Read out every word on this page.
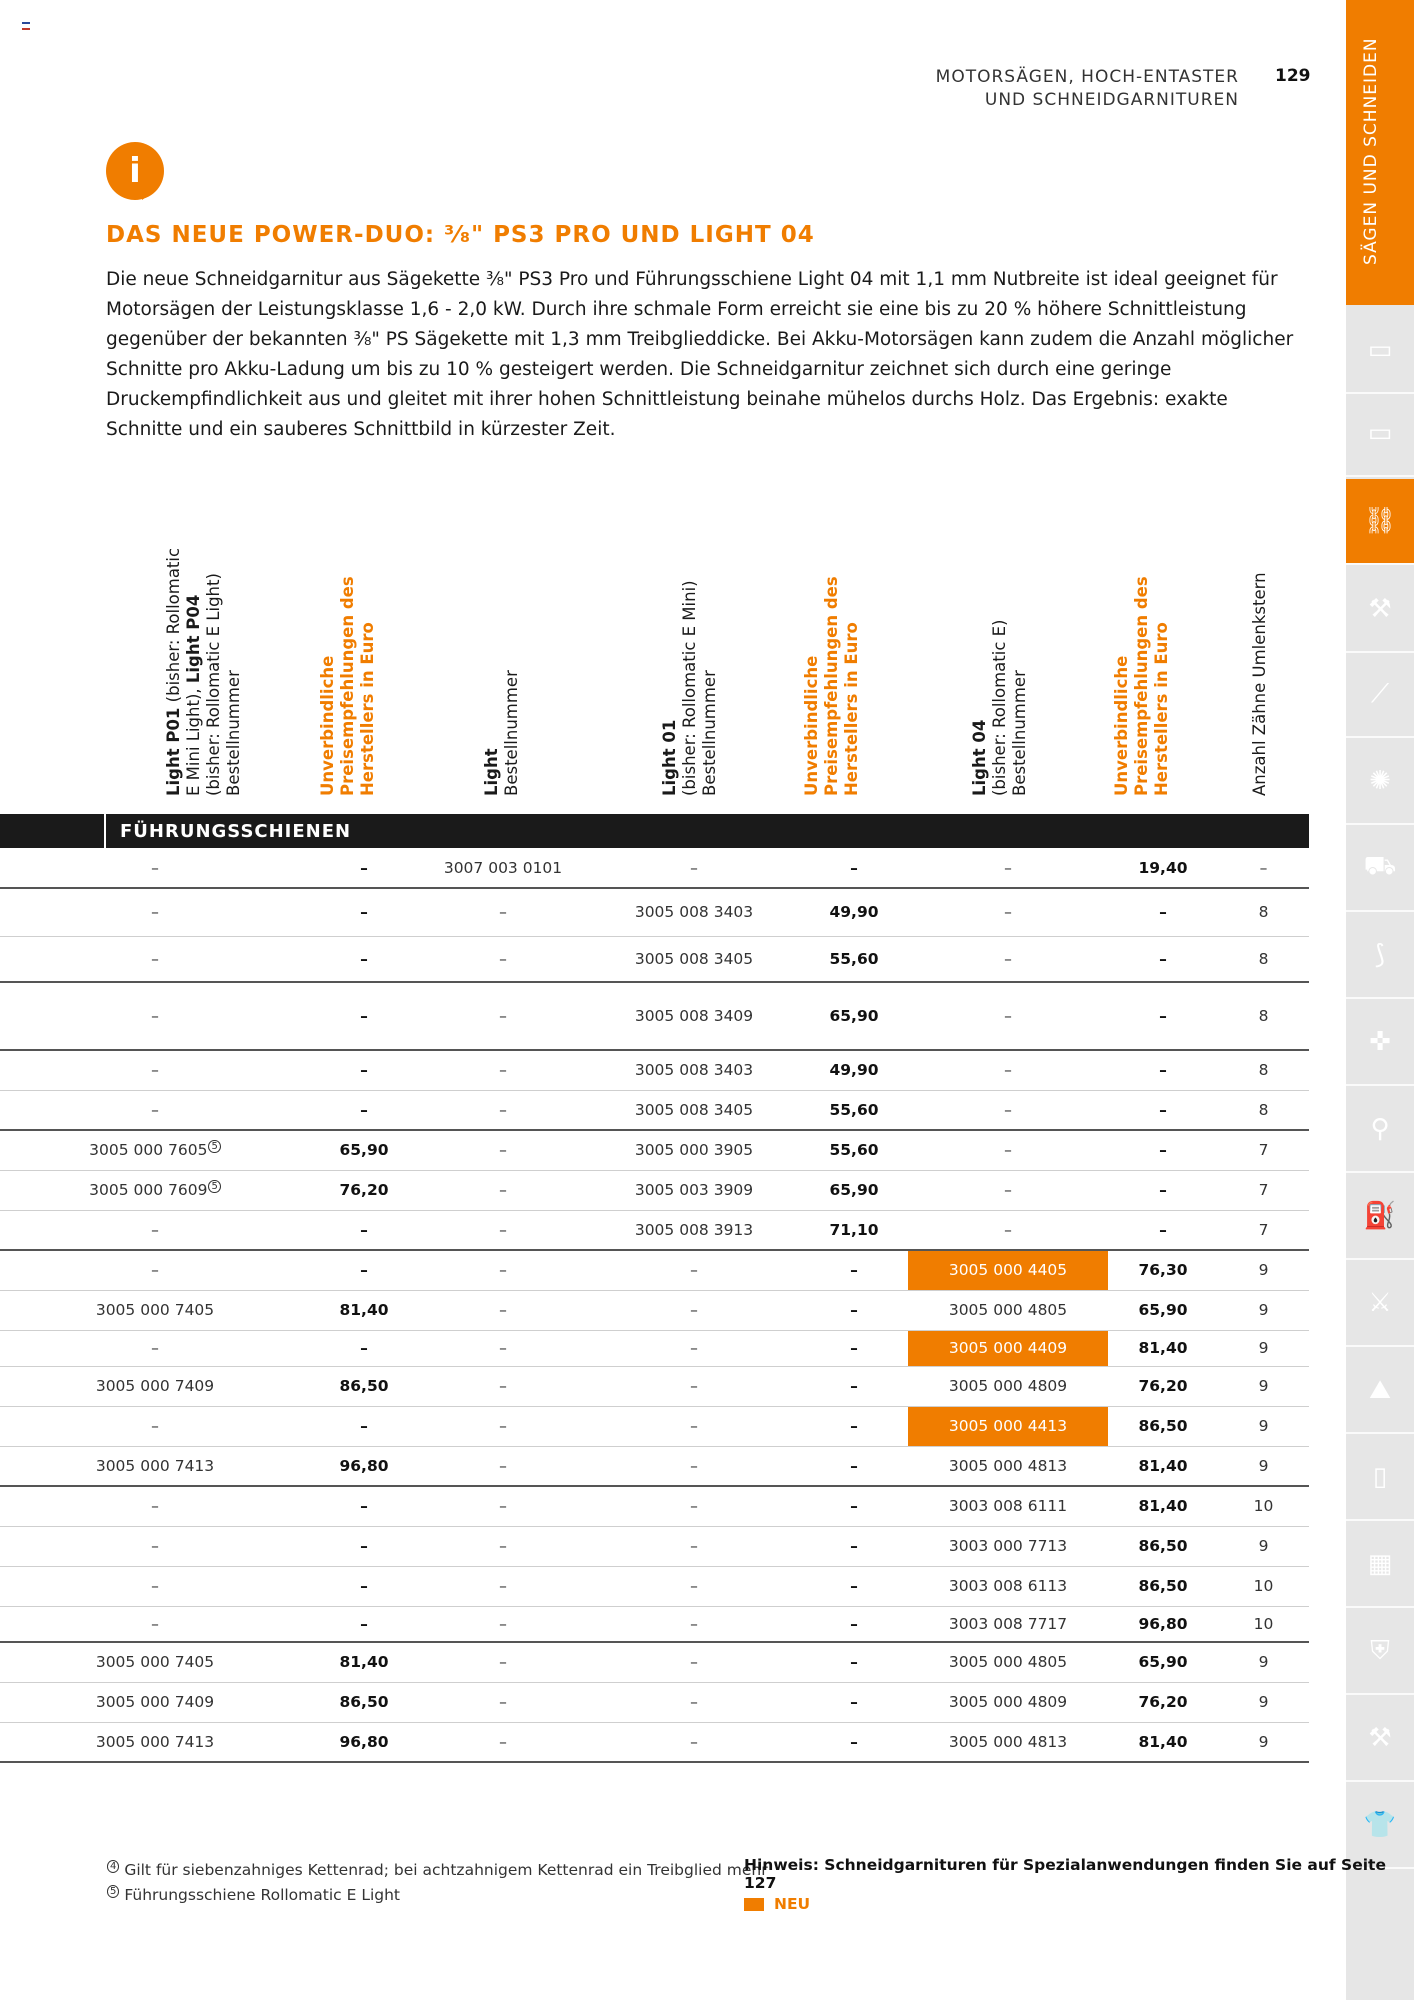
MOTORSÄGEN, HOCH-ENTASTER
UND SCHNEIDGARNITUREN
129	SÄGEN UND SCHNEIDEN
▭
▭
⛓
⚒
⟋
✺
⛟
⟆
✜
⚲
⛽
⚔
⛰
▯
▦
⛨
⚒
👕
i
DAS NEUE POWER-DUO: ³⁄₈" PS3 PRO UND LIGHT 04
Die neue Schneidgarnitur aus Sägekette ³⁄₈" PS3 Pro und Führungsschiene Light 04 mit 1,1 mm Nutbreite ist ideal geeignet für Motorsägen der Leistungsklasse 1,6 - 2,0 kW. Durch ihre schmale Form erreicht sie eine bis zu 20 % höhere Schnittleistung gegenüber der bekannten ³⁄₈" PS Sägekette mit 1,3 mm Treibglieddicke. Bei Akku-Motorsägen kann zudem die Anzahl möglicher Schnitte pro Akku-Ladung um bis zu 10 % gesteigert werden. Die Schneidgarnitur zeichnet sich durch eine geringe Druckempfindlichkeit aus und gleitet mit ihrer hohen Schnittleistung beinahe mühelos durchs Holz. Das Ergebnis: exakte Schnitte und ein sauberes Schnittbild in kürzester Zeit.
Light P01 (bisher: Rollomatic
E Mini Light), Light P04 (bisher: Rollomatic E Light) Bestellnummer	Unverbindliche Preisempfehlungen des Herstellers in Euro	Light Bestellnummer	Light 01 (bisher: Rollomatic E Mini) Bestellnummer	Unverbindliche Preisempfehlungen des Herstellers in Euro	Light 04 (bisher: Rollomatic E) Bestellnummer	Unverbindliche Preisempfehlungen des Herstellers in Euro	Anzahl Zähne Umlenkstern
FÜHRUNGSSCHIENEN
–	–	3007 003 0101	–	–	–	19,40	–
–	–	–	3005 008 3403	49,90	–	–	8
–	–	–	3005 008 3405	55,60	–	–	8
–	–	–	3005 008 3409	65,90	–	–	8
–	–	–	3005 008 3403	49,90	–	–	8
–	–	–	3005 008 3405	55,60	–	–	8
3005 000 7605 $^5$	65,90	–	3005 000 3905	55,60	–	–	7
3005 000 7609 $^5$	76,20	–	3005 003 3909	65,90	–	–	7
–	–	–	3005 008 3913	71,10	–	–	7
–	–	–	–	–	3005 000 4405	76,30	9
3005 000 7405	81,40	–	–	–	3005 000 4805	65,90	9
–	–	–	–	–	3005 000 4409	81,40	9
3005 000 7409	86,50	–	–	–	3005 000 4809	76,20	9
–	–	–	–	–	3005 000 4413	86,50	9
3005 000 7413	96,80	–	–	–	3005 000 4813	81,40	9
–	–	–	–	–	3003 008 6111	81,40	10
–	–	–	–	–	3003 000 7713	86,50	9
–	–	–	–	–	3003 008 6113	86,50	10
–	–	–	–	–	3003 008 7717	96,80	10
3005 000 7405	81,40	–	–	–	3005 000 4805	65,90	9
3005 000 7409	86,50	–	–	–	3005 000 4809	76,20	9
3005 000 7413	96,80	–	–	–	3005 000 4813	81,40	9
$^4$ Gilt für siebenzahniges Kettenrad; bei achtzahnigem Kettenrad ein Treibglied mehr
$^5$ Führungsschiene Rollomatic E Light
Hinweis: Schneidgarnituren für Spezialanwendungen finden Sie auf Seite 127
NEU
